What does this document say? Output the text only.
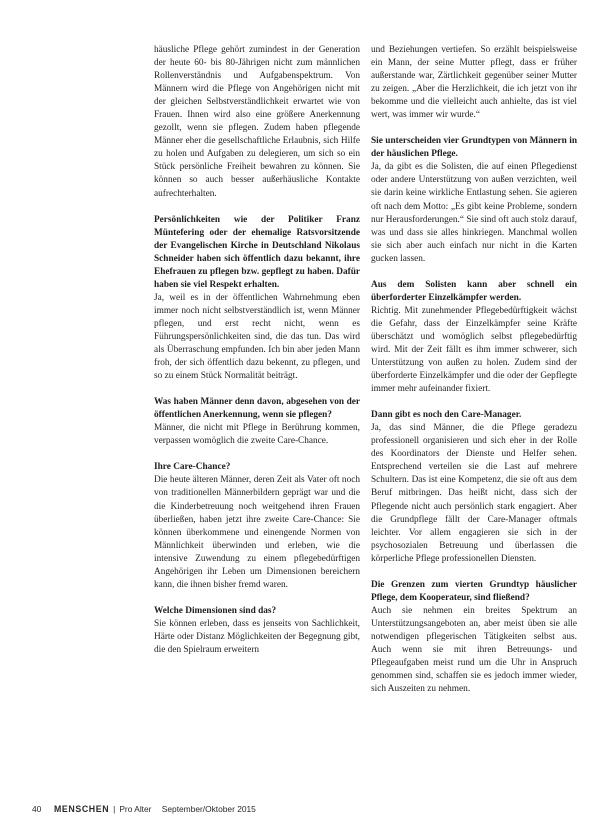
häusliche Pflege gehört zumindest in der Generation der heute 60- bis 80-Jährigen nicht zum männlichen Rollenverständnis und Aufgabenspektrum. Von Männern wird die Pflege von Angehörigen nicht mit der gleichen Selbstverständlichkeit erwartet wie von Frauen. Ihnen wird also eine größere Anerkennung gezollt, wenn sie pflegen. Zudem haben pflegende Männer eher die gesellschaftliche Erlaubnis, sich Hilfe zu holen und Aufgaben zu delegieren, um sich so ein Stück persönliche Freiheit bewahren zu können. Sie können so auch besser außerhäusliche Kontakte aufrechterhalten.

Persönlichkeiten wie der Politiker Franz Müntefering oder der ehemalige Ratsvorsitzende der Evangelischen Kirche in Deutschland Nikolaus Schneider haben sich öffentlich dazu bekannt, ihre Ehefrauen zu pflegen bzw. gepflegt zu haben. Dafür haben sie viel Respekt erhalten.

Ja, weil es in der öffentlichen Wahrnehmung eben immer noch nicht selbstverständlich ist, wenn Männer pflegen, und erst recht nicht, wenn es Führungspersönlichkeiten sind, die das tun. Das wird als Überraschung empfunden. Ich bin aber jeden Mann froh, der sich öffentlich dazu bekennt, zu pflegen, und so zu einem Stück Normalität beiträgt.

Was haben Männer denn davon, abgesehen von der öffentlichen Anerkennung, wenn sie pflegen?

Männer, die nicht mit Pflege in Berührung kommen, verpassen womöglich die zweite Care-Chance.

Ihre Care-Chance?

Die heute älteren Männer, deren Zeit als Vater oft noch von traditionellen Männerbildern geprägt war und die die Kinderbetreuung noch weitgehend ihren Frauen überließen, haben jetzt ihre zweite Care-Chance: Sie können überkommene und einengende Normen von Männlichkeit überwinden und erleben, wie die intensive Zuwendung zu einem pflegebedürftigen Angehörigen ihr Leben um Dimensionen bereichern kann, die ihnen bisher fremd waren.

Welche Dimensionen sind das?

Sie können erleben, dass es jenseits von Sachlichkeit, Härte oder Distanz Möglichkeiten der Begegnung gibt, die den Spielraum erweitern

und Beziehungen vertiefen. So erzählt beispielsweise ein Mann, der seine Mutter pflegt, dass er früher außerstande war, Zärtlichkeit gegenüber seiner Mutter zu zeigen. „Aber die Herzlichkeit, die ich jetzt von ihr bekomme und die vielleicht auch anhielte, das ist viel wert, was immer wir wurde.“

Sie unterscheiden vier Grundtypen von Männern in der häuslichen Pflege.

Ja, da gibt es die Solisten, die auf einen Pflegedienst oder andere Unterstützung von außen verzichten, weil sie darin keine wirkliche Entlastung sehen. Sie agieren oft nach dem Motto: „Es gibt keine Probleme, sondern nur Herausforderungen.“ Sie sind oft auch stolz darauf, was und dass sie alles hinkriegen. Manchmal wollen sie sich aber auch einfach nur nicht in die Karten gucken lassen.

Aus dem Solisten kann aber schnell ein überforderter Einzelkämpfer werden.

Richtig. Mit zunehmender Pflegebedürftigkeit wächst die Gefahr, dass der Einzelkämpfer seine Kräfte überschätzt und womöglich selbst pflegebedürftig wird. Mit der Zeit fällt es ihm immer schwerer, sich Unterstützung von außen zu holen. Zudem sind der überforderte Einzelkämpfer und die oder der Gepflegte immer mehr aufeinander fixiert.

Dann gibt es noch den Care-Manager.

Ja, das sind Männer, die die Pflege geradezu professionell organisieren und sich eher in der Rolle des Koordinators der Dienste und Helfer sehen. Entsprechend verteilen sie die Last auf mehrere Schultern. Das ist eine Kompetenz, die sie oft aus dem Beruf mitbringen. Das heißt nicht, dass sich der Pflegende nicht auch persönlich stark engagiert. Aber die Grundpflege fällt der Care-Manager oftmals leichter. Vor allem engagieren sie sich in der psychosozialen Betreuung und überlassen die körperliche Pflege professionellen Diensten.

Die Grenzen zum vierten Grundtyp häuslicher Pflege, dem Kooperateur, sind fließend?

Auch sie nehmen ein breites Spektrum an Unterstützungsangeboten an, aber meist üben sie alle notwendigen pflegerischen Tätigkeiten selbst aus. Auch wenn sie mit ihren Betreuungs- und Pflegeaufgaben meist rund um die Uhr in Anspruch genommen sind, schaffen sie es jedoch immer wieder, sich Auszeiten zu nehmen.

40 MENSCHEN | Pro Alter September/Oktober 2015
